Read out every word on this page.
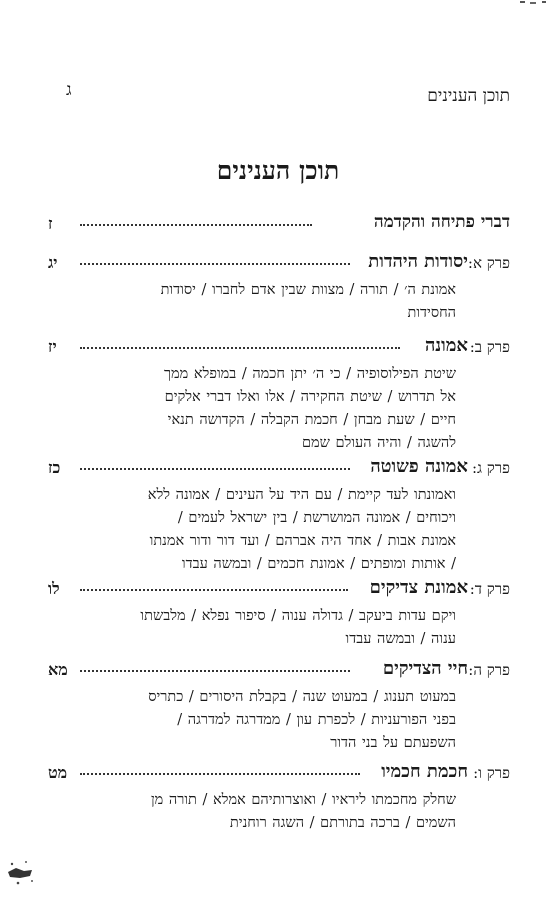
תוכן הענינים
ג
תוכן הענינים
דברי פתיחה והקדמה
ז
פרק א:
יסודות היהדות
יג

אמונת ה׳ / תורה / מצוות שבין אדם לחברו / יסודות

החסידות

פרק ב:
אמונה
יז

שיטת הפילוסופיה / כי ה׳ יתן חכמה / במופלא ממך

אל תדרוש / שיטת החקירה / אלו ואלו דברי אלקים

חיים / שעת מבחן / חכמת הקבלה / הקדושה תנאי

להשגה / והיה העולם שמם

פרק ג:
אמונה פשוטה
כז

ואמונתו לעד קיימת / עם היד על העינים / אמונה ללא

ויכוחים / אמונה המושרשת / בין ישראל לעמים /

אמונת אבות / אחד היה אברהם / ועד דור ודור אמנתו

/ אותות ומופתים / אמונת חכמים / ובמשה עבדו

פרק ד:
אמונת צדיקים
לו

ויקם עדות ביעקב / גדולה ענוה / סיפור נפלא / מלבשתו

ענוה / ובמשה עבדו

פרק ה:
חיי הצדיקים
מא

במעוט תענוג / במעוט שנה / בקבלת היסורים / כתריס

בפני הפורעניות / לכפרת עון / ממדרגה למדרגה /

השפעתם על בני הדור

פרק ו:
חכמת חכמיו
מט

שחלק מחכמתו ליראיו / ואוצרותיהם אמלא / תורה מן

השמים / ברכה בתורתם / השגה רוחנית
